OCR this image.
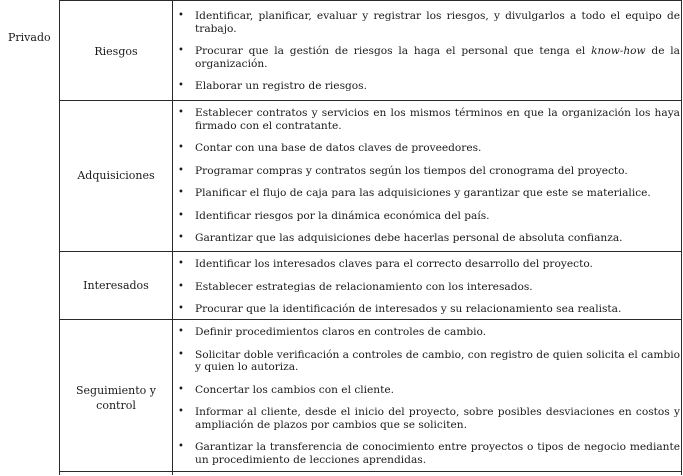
Privado
Riesgos
• Identificar, planificar, evaluar y registrar los riesgos, y divulgarlos a todo el equipo de trabajo.
• Procurar que la gestión de riesgos la haga el personal que tenga el know-how de la organización.
• Elaborar un registro de riesgos.
Adquisiciones
• Establecer contratos y servicios en los mismos términos en que la organización los haya firmado con el contratante.
• Contar con una base de datos claves de proveedores.
• Programar compras y contratos según los tiempos del cronograma del proyecto.
• Planificar el flujo de caja para las adquisiciones y garantizar que este se materialice.
• Identificar riesgos por la dinámica económica del país.
• Garantizar que las adquisiciones debe hacerlas personal de absoluta confianza.
Interesados
• Identificar los interesados claves para el correcto desarrollo del proyecto.
• Establecer estrategias de relacionamiento con los interesados.
• Procurar que la identificación de interesados y su relacionamiento sea realista.
Seguimiento y control
• Definir procedimientos claros en controles de cambio.
• Solicitar doble verificación a controles de cambio, con registro de quien solicita el cambio y quien lo autoriza.
• Concertar los cambios con el cliente.
• Informar al cliente, desde el inicio del proyecto, sobre posibles desviaciones en costos y ampliación de plazos por cambios que se soliciten.
• Garantizar la transferencia de conocimiento entre proyectos o tipos de negocio mediante un procedimiento de lecciones aprendidas.
